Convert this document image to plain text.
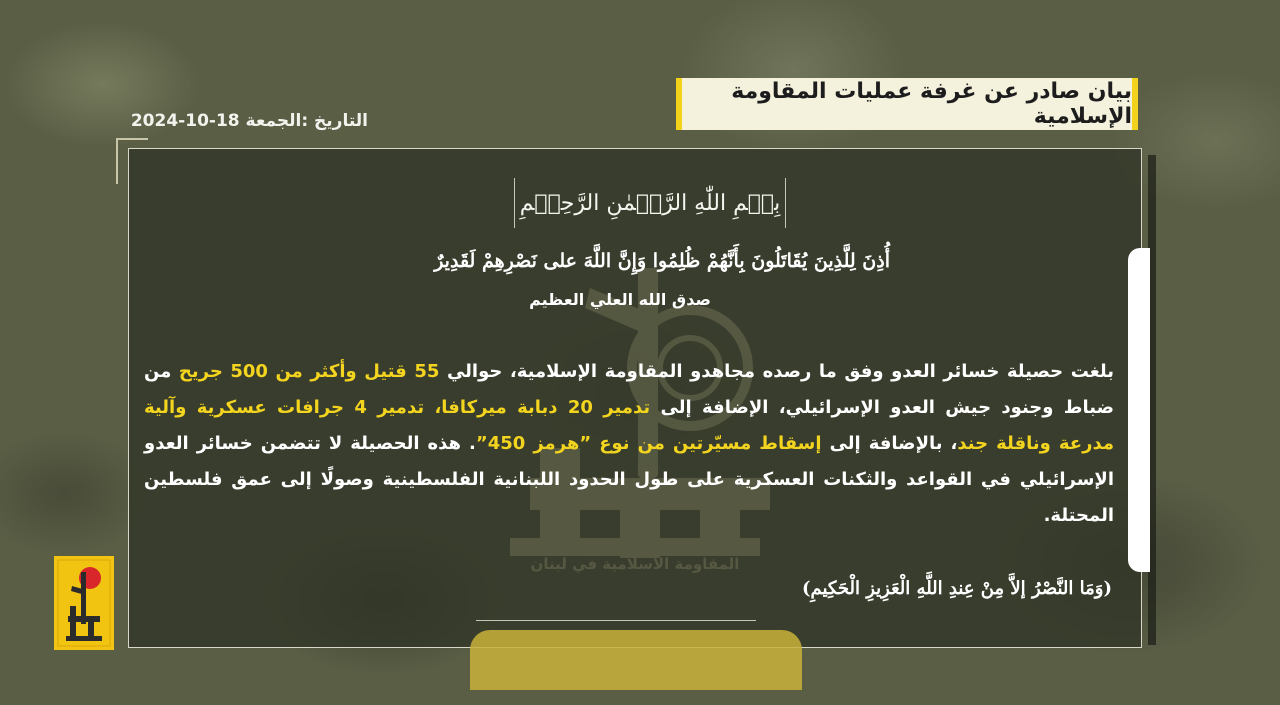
بيان صادر عن غرفة عمليات المقاومة الإسلامية
التاريخ :الجمعة 18-10-2024
المقاومة الاسلامية في لبنان
بِسۡمِ اللّٰهِ الرَّحۡمٰنِ الرَّحِيۡمِ
أُذِنَ لِلَّذِينَ يُقَاتَلُونَ بِأَنَّهُمْ ظُلِمُوا وَإِنَّ اللَّهَ على نَصْرِهِمْ لَقَدِيرٌ
صدق الله العلي العظيم
بلغت حصيلة خسائر العدو وفق ما رصده مجاهدو المقاومة الإسلامية، حوالي 55 قتيل وأكثر من 500 جريح من ضباط وجنود جيش العدو الإسرائيلي، الإضافة إلى تدمير 20 دبابة ميركافا، تدمير 4 جرافات عسكرية وآلية مدرعة وناقلة جند، بالإضافة إلى إسقاط مسيّرتين من نوع ”هرمز 450”. هذه الحصيلة لا تتضمن خسائر العدو الإسرائيلي في القواعد والثكنات العسكرية على طول الحدود اللبنانية الفلسطينية وصولًا إلى عمق فلسطين المحتلة.
(وَمَا النَّصْرُ إلاَّ مِنْ عِندِ اللَّهِ الْعَزِيزِ الْحَكِيمِ)
